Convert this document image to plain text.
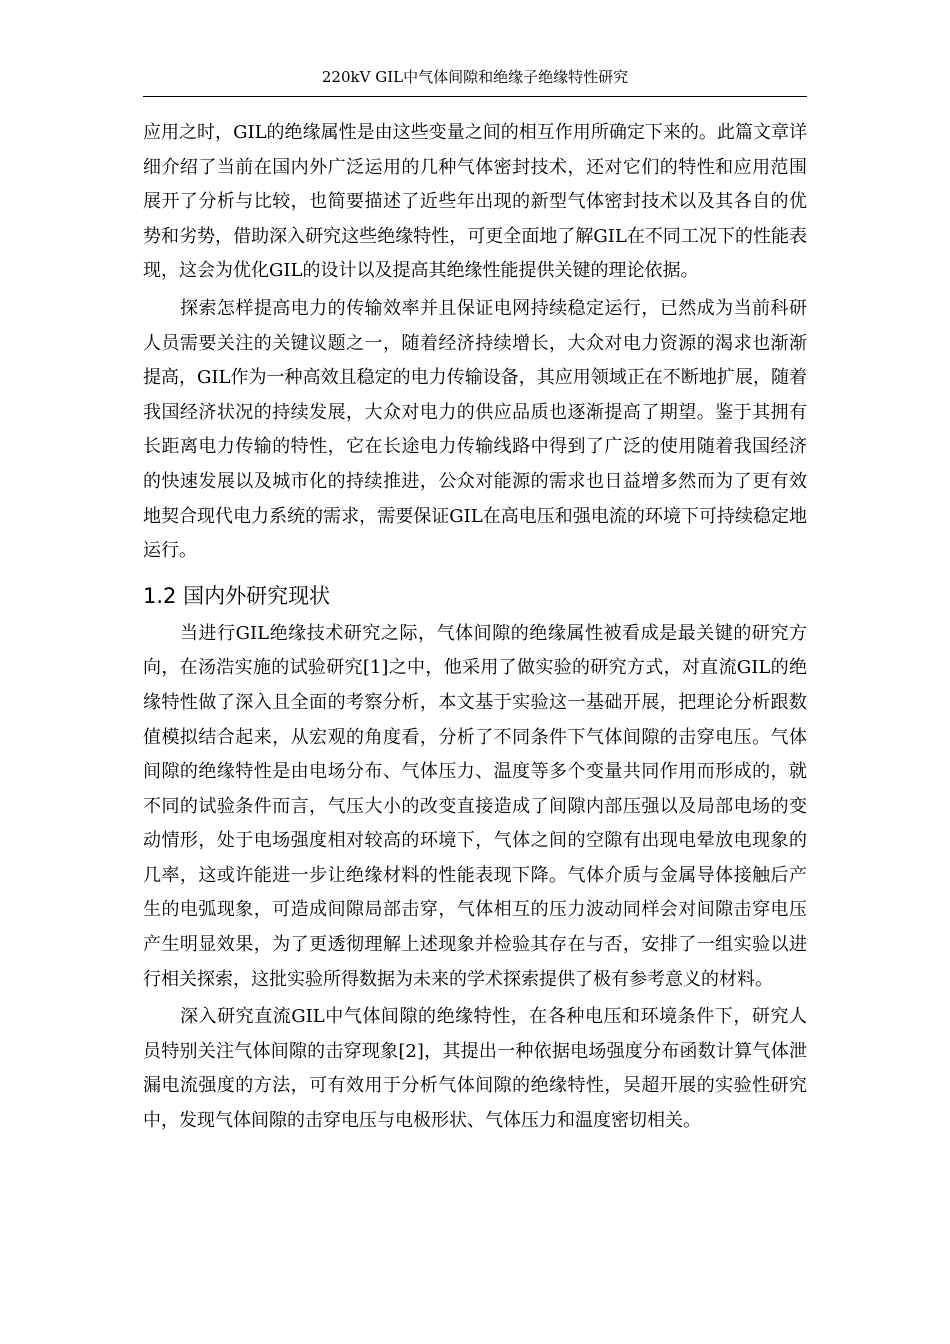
220kV GIL中气体间隙和绝缘子绝缘特性研究

应用之时，GIL的绝缘属性是由这些变量之间的相互作用所确定下来的。此篇文章详细介绍了当前在国内外广泛运用的几种气体密封技术，还对它们的特性和应用范围展开了分析与比较，也简要描述了近些年出现的新型气体密封技术以及其各自的优势和劣势，借助深入研究这些绝缘特性，可更全面地了解GIL在不同工况下的性能表现，这会为优化GIL的设计以及提高其绝缘性能提供关键的理论依据。

探索怎样提高电力的传输效率并且保证电网持续稳定运行，已然成为当前科研人员需要关注的关键议题之一，随着经济持续增长，大众对电力资源的渴求也渐渐提高，GIL作为一种高效且稳定的电力传输设备，其应用领域正在不断地扩展，随着我国经济状况的持续发展，大众对电力的供应品质也逐渐提高了期望。鉴于其拥有长距离电力传输的特性，它在长途电力传输线路中得到了广泛的使用随着我国经济的快速发展以及城市化的持续推进，公众对能源的需求也日益增多然而为了更有效地契合现代电力系统的需求，需要保证GIL在高电压和强电流的环境下可持续稳定地运行。

1.2 国内外研究现状

当进行GIL绝缘技术研究之际，气体间隙的绝缘属性被看成是最关键的研究方向，在汤浩实施的试验研究[1]之中，他采用了做实验的研究方式，对直流GIL的绝缘特性做了深入且全面的考察分析，本文基于实验这一基础开展，把理论分析跟数值模拟结合起来，从宏观的角度看，分析了不同条件下气体间隙的击穿电压。气体间隙的绝缘特性是由电场分布、气体压力、温度等多个变量共同作用而形成的，就不同的试验条件而言，气压大小的改变直接造成了间隙内部压强以及局部电场的变动情形，处于电场强度相对较高的环境下，气体之间的空隙有出现电晕放电现象的几率，这或许能进一步让绝缘材料的性能表现下降。气体介质与金属导体接触后产生的电弧现象，可造成间隙局部击穿，气体相互的压力波动同样会对间隙击穿电压产生明显效果，为了更透彻理解上述现象并检验其存在与否，安排了一组实验以进行相关探索，这批实验所得数据为未来的学术探索提供了极有参考意义的材料。

深入研究直流GIL中气体间隙的绝缘特性，在各种电压和环境条件下，研究人员特别关注气体间隙的击穿现象[2]，其提出一种依据电场强度分布函数计算气体泄漏电流强度的方法，可有效用于分析气体间隙的绝缘特性，吴超开展的实验性研究中，发现气体间隙的击穿电压与电极形状、气体压力和温度密切相关。
